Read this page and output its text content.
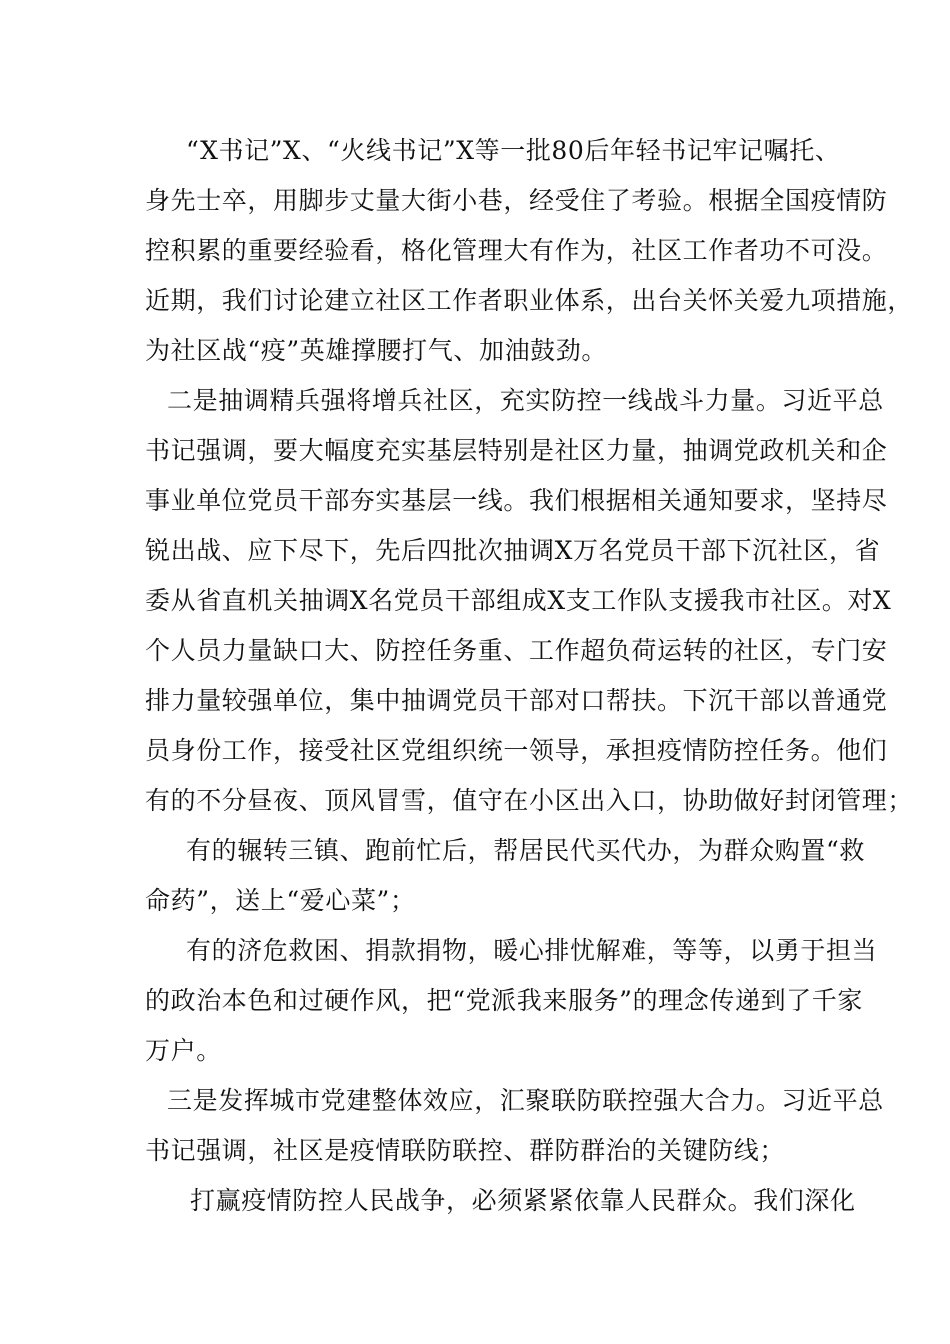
“X书记”X、“火线书记”X等一批80后年轻书记牢记嘱托、
身先士卒，用脚步丈量大街小巷，经受住了考验。根据全国疫情防
控积累的重要经验看，格化管理大有作为，社区工作者功不可没。
近期，我们讨论建立社区工作者职业体系，出台关怀关爱九项措施，
为社区战“疫”英雄撑腰打气、加油鼓劲。
二是抽调精兵强将增兵社区，充实防控一线战斗力量。习近平总
书记强调，要大幅度充实基层特别是社区力量，抽调党政机关和企
事业单位党员干部夯实基层一线。我们根据相关通知要求，坚持尽
锐出战、应下尽下，先后四批次抽调X万名党员干部下沉社区，省
委从省直机关抽调X名党员干部组成X支工作队支援我市社区。对X
个人员力量缺口大、防控任务重、工作超负荷运转的社区，专门安
排力量较强单位，集中抽调党员干部对口帮扶。下沉干部以普通党
员身份工作，接受社区党组织统一领导，承担疫情防控任务。他们
有的不分昼夜、顶风冒雪，值守在小区出入口，协助做好封闭管理；
有的辗转三镇、跑前忙后，帮居民代买代办，为群众购置“救
命药”，送上“爱心菜”；
有的济危救困、捐款捐物，暖心排忧解难，等等，以勇于担当
的政治本色和过硬作风，把“党派我来服务”的理念传递到了千家
万户。
三是发挥城市党建整体效应，汇聚联防联控强大合力。习近平总
书记强调，社区是疫情联防联控、群防群治的关键防线；
打赢疫情防控人民战争，必须紧紧依靠人民群众。我们深化
